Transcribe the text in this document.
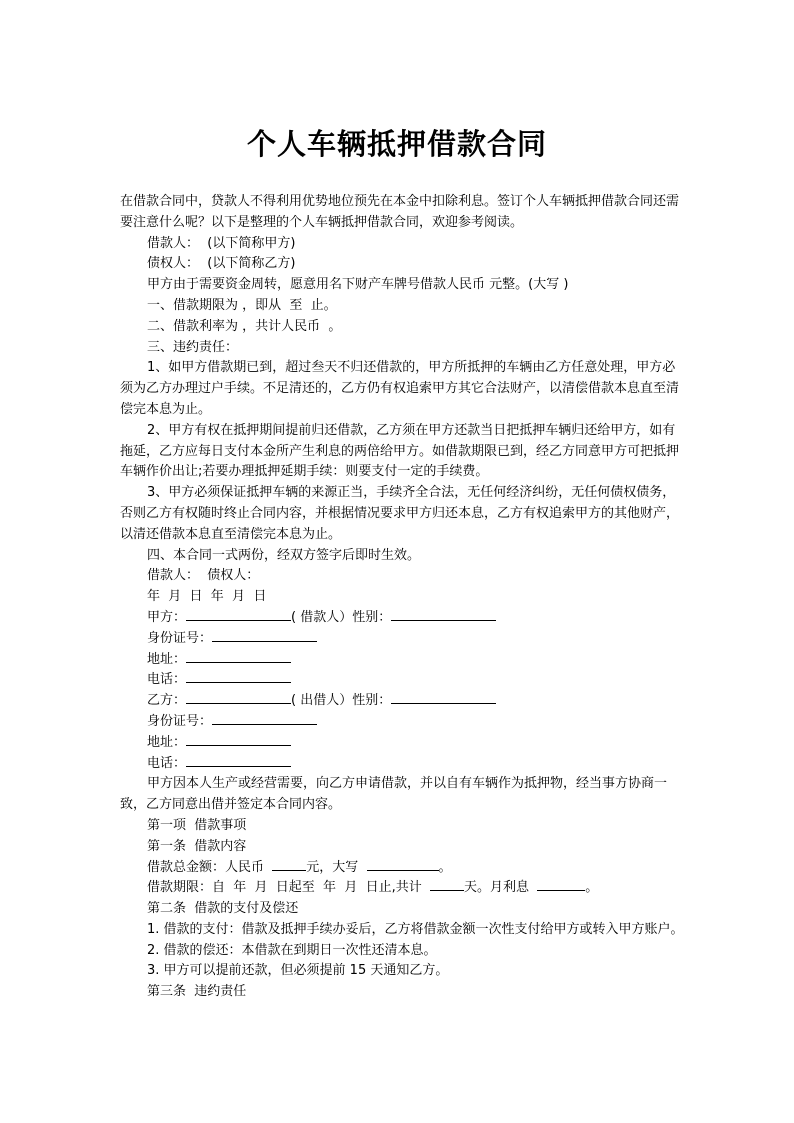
个人车辆抵押借款合同

在借款合同中，贷款人不得利用优势地位预先在本金中扣除利息。签订个人车辆抵押借款合同还需要注意什么呢？以下是整理的个人车辆抵押借款合同，欢迎参考阅读。

借款人：  (以下简称甲方)

债权人：  (以下简称乙方)

甲方由于需要资金周转，愿意用名下财产车牌号借款人民币 元整。(大写 )

一、借款期限为 ，即从  至  止。

二、借款利率为 ，共计人民币  。

三、违约责任：

1、如甲方借款期已到，超过叁天不归还借款的，甲方所抵押的车辆由乙方任意处理，甲方必须为乙方办理过户手续。不足清还的，乙方仍有权追索甲方其它合法财产，以清偿借款本息直至清偿完本息为止。

2、甲方有权在抵押期间提前归还借款，乙方须在甲方还款当日把抵押车辆归还给甲方，如有拖延，乙方应每日支付本金所产生利息的两倍给甲方。如借款期限已到，经乙方同意甲方可把抵押车辆作价出让;若要办理抵押延期手续：则要支付一定的手续费。

3、甲方必须保证抵押车辆的来源正当，手续齐全合法，无任何经济纠纷，无任何债权债务，否则乙方有权随时终止合同内容，并根据情况要求甲方归还本息，乙方有权追索甲方的其他财产，以清还借款本息直至清偿完本息为止。

四、本合同一式两份，经双方签字后即时生效。

借款人：  债权人：

年  月  日  年  月  日

甲方：	( 借款人）性别：

身份证号：

地址：

电话：

乙方：	( 出借人）性别：

身份证号：

地址：

电话：

甲方因本人生产或经营需要，向乙方申请借款，并以自有车辆作为抵押物，经当事方协商一致，乙方同意出借并签定本合同内容。

第一项  借款事项

第一条  借款内容

借款总金额：人民币	元，大写	。

借款期限：自  年  月  日起至  年  月  日止,共计	天。月利息	。

第二条  借款的支付及偿还

1. 借款的支付：借款及抵押手续办妥后，乙方将借款金额一次性支付给甲方或转入甲方账户。

2. 借款的偿还：本借款在到期日一次性还清本息。

3. 甲方可以提前还款，但必须提前 15 天通知乙方。

第三条  违约责任
